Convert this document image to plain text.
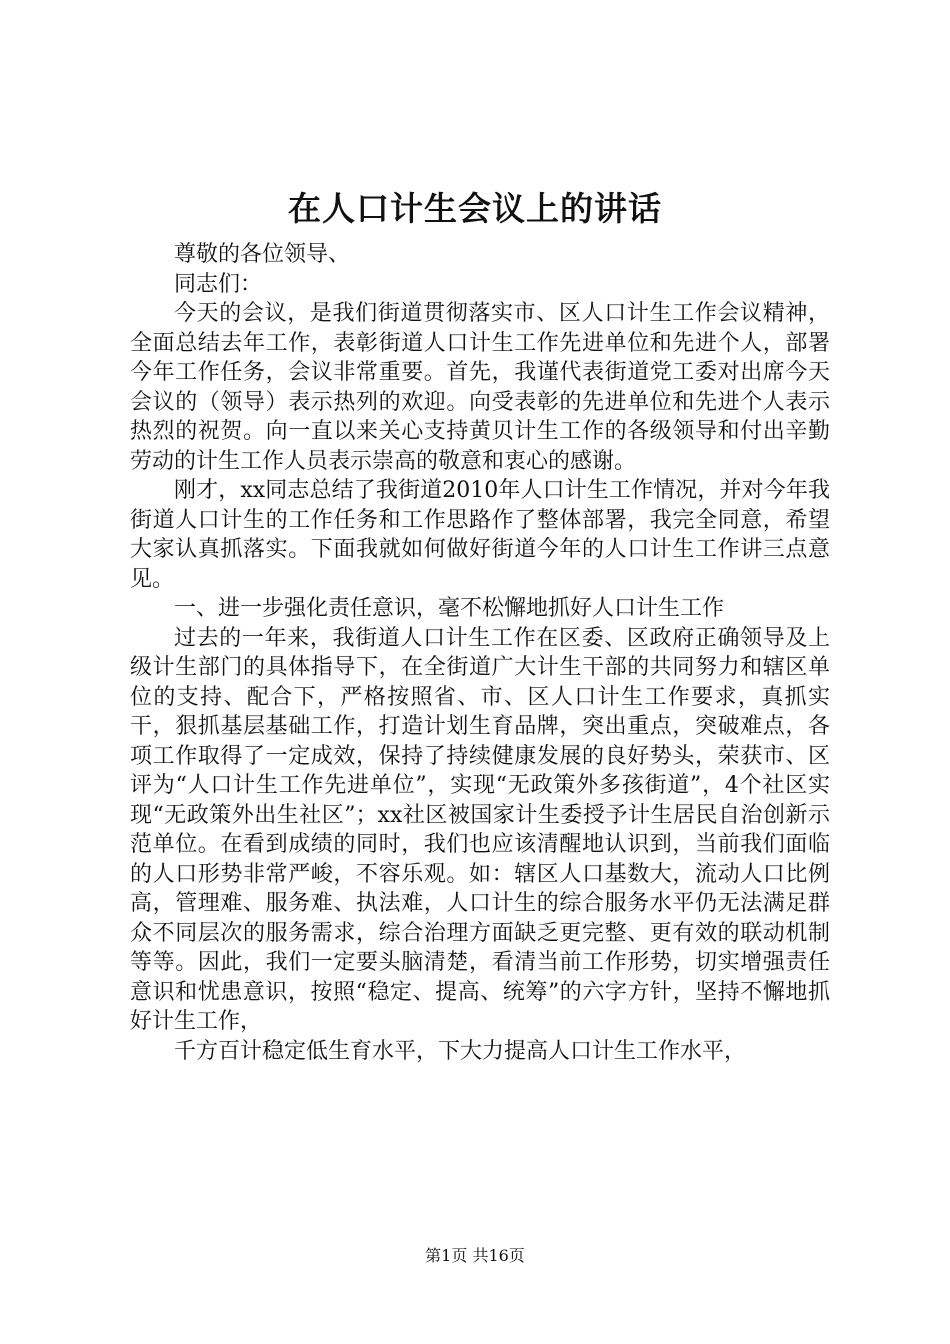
在人口计生会议上的讲话

尊敬的各位领导、

同志们：

今天的会议，是我们街道贯彻落实市、区人口计生工作会议精神，全面总结去年工作，表彰街道人口计生工作先进单位和先进个人，部署今年工作任务，会议非常重要。首先，我谨代表街道党工委对出席今天会议的（领导）表示热列的欢迎。向受表彰的先进单位和先进个人表示热烈的祝贺。向一直以来关心支持黄贝计生工作的各级领导和付出辛勤劳动的计生工作人员表示崇高的敬意和衷心的感谢。

刚才，xx同志总结了我街道2010年人口计生工作情况，并对今年我街道人口计生的工作任务和工作思路作了整体部署，我完全同意，希望大家认真抓落实。下面我就如何做好街道今年的人口计生工作讲三点意见。

一、进一步强化责任意识，毫不松懈地抓好人口计生工作

过去的一年来，我街道人口计生工作在区委、区政府正确领导及上级计生部门的具体指导下，在全街道广大计生干部的共同努力和辖区单位的支持、配合下，严格按照省、市、区人口计生工作要求，真抓实干，狠抓基层基础工作，打造计划生育品牌，突出重点，突破难点，各项工作取得了一定成效，保持了持续健康发展的良好势头，荣获市、区评为“人口计生工作先进单位”，实现“无政策外多孩街道”，4个社区实现“无政策外出生社区”；xx社区被国家计生委授予计生居民自治创新示范单位。在看到成绩的同时，我们也应该清醒地认识到，当前我们面临的人口形势非常严峻，不容乐观。如：辖区人口基数大，流动人口比例高，管理难、服务难、执法难，人口计生的综合服务水平仍无法满足群众不同层次的服务需求，综合治理方面缺乏更完整、更有效的联动机制等等。因此，我们一定要头脑清楚，看清当前工作形势，切实增强责任意识和忧患意识，按照“稳定、提高、统筹”的六字方针，坚持不懈地抓好计生工作，

千方百计稳定低生育水平，下大力提高人口计生工作水平，

第1页 共16页
